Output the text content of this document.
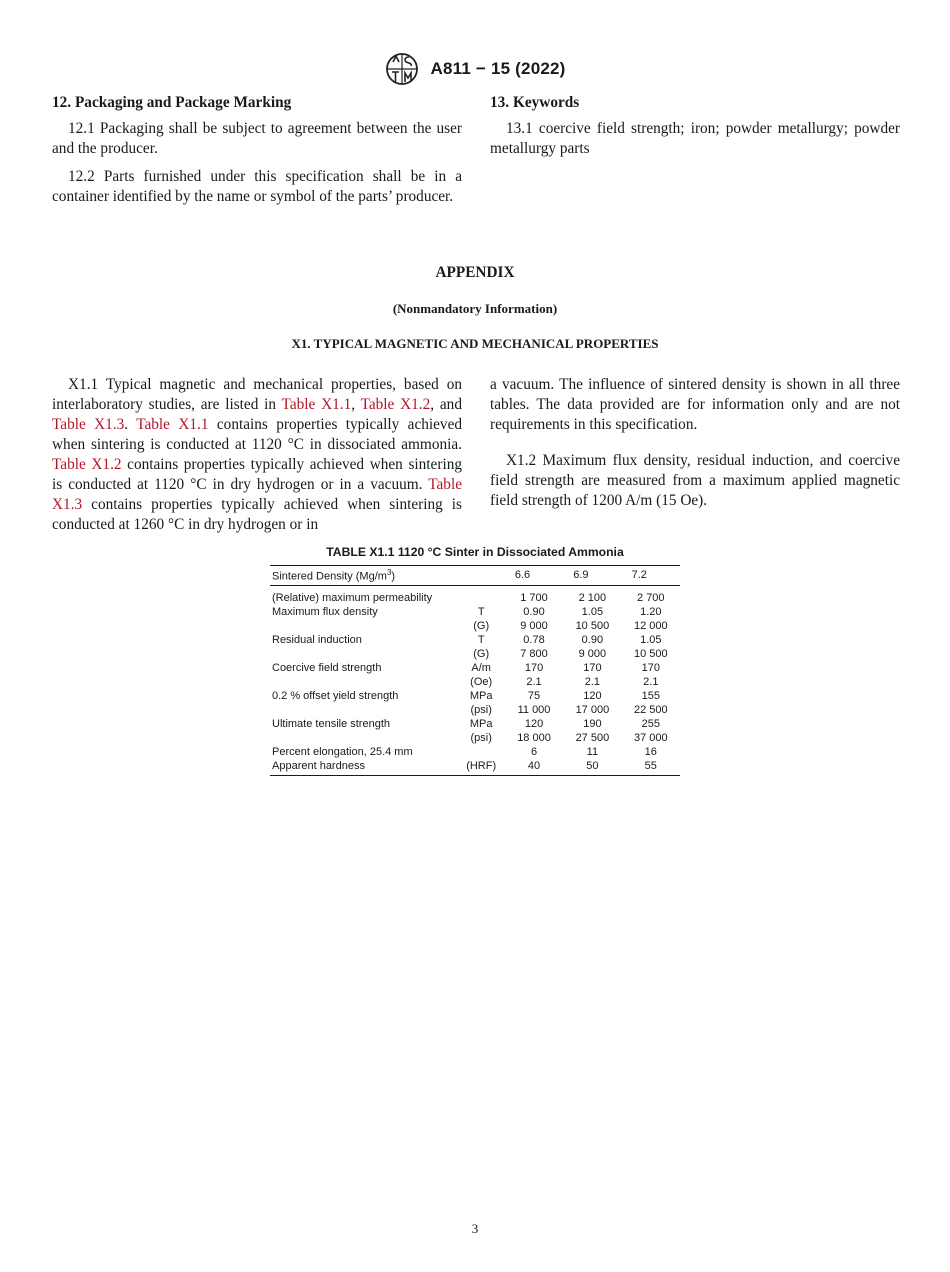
A811 − 15 (2022)
12. Packaging and Package Marking

12.1 Packaging shall be subject to agreement between the user and the producer.

12.2 Parts furnished under this specification shall be in a container identified by the name or symbol of the parts’ producer.

13. Keywords

13.1 coercive field strength; iron; powder metallurgy; powder metallurgy parts

APPENDIX
(Nonmandatory Information)
X1. TYPICAL MAGNETIC AND MECHANICAL PROPERTIES

X1.1 Typical magnetic and mechanical properties, based on interlaboratory studies, are listed in Table X1.1, Table X1.2, and Table X1.3. Table X1.1 contains properties typically achieved when sintering is conducted at 1120 °C in dissociated ammonia. Table X1.2 contains properties typically achieved when sintering is conducted at 1120 °C in dry hydrogen or in a vacuum. Table X1.3 contains properties typically achieved when sintering is conducted at 1260 °C in dry hydrogen or in

a vacuum. The influence of sintered density is shown in all three tables. The data provided are for information only and are not requirements in this specification.

X1.2 Maximum flux density, residual induction, and coercive field strength are measured from a maximum applied magnetic field strength of 1200 A/m (15 Oe).

TABLE X1.1 1120 °C Sinter in Dissociated Ammonia
Sintered Density $(Mg/m^3)$		6.6	6.9	7.2
(Relative) maximum permeability		1 700	2 100	2 700
Maximum flux density	T	0.90	1.05	1.20
	(G)	9 000	10 500	12 000
Residual induction	T	0.78	0.90	1.05
	(G)	7 800	9 000	10 500
Coercive field strength	A/m	170	170	170
	(Oe)	2.1	2.1	2.1
0.2 % offset yield strength	MPa	75	120	155
	(psi)	11 000	17 000	22 500
Ultimate tensile strength	MPa	120	190	255
	(psi)	18 000	27 500	37 000
Percent elongation, 25.4 mm		6	11	16
Apparent hardness	(HRF)	40	50	55
3
